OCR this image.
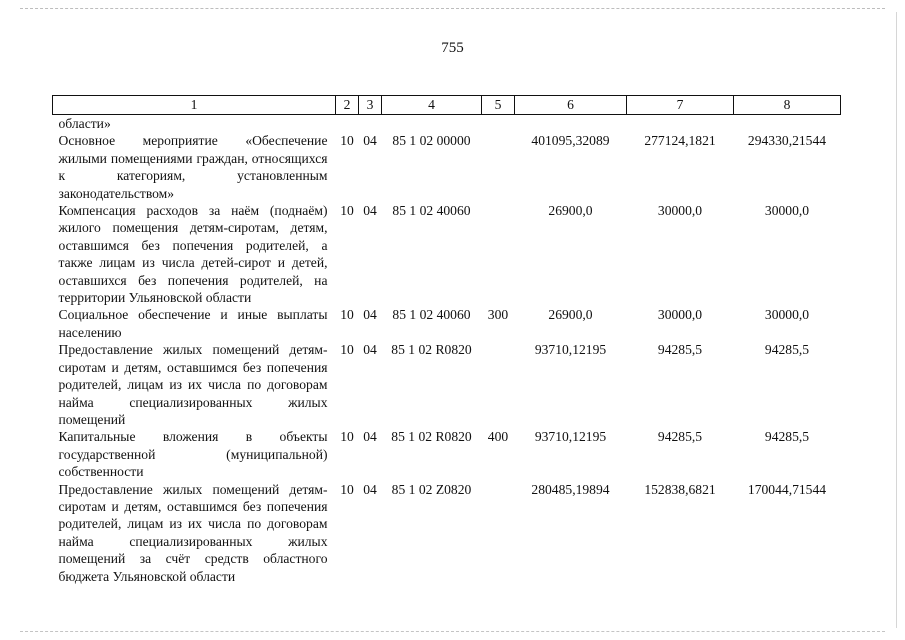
755
1	2	3	4	5	6	7	8
области»							
Основное мероприятие «Обеспечение жилыми помещениями граждан, относящихся к категориям, установленным законодательством»	10	04	85 1 02 00000		401095,32089	277124,1821	294330,21544
Компенсация расходов за наём (поднаём) жилого помещения детям-сиротам, детям, оставшимся без попечения родителей, а также лицам из числа детей-сирот и детей, оставшихся без попечения родителей, на территории Ульяновской области	10	04	85 1 02 40060		26900,0	30000,0	30000,0
Социальное обеспечение и иные выплаты населению	10	04	85 1 02 40060	300	26900,0	30000,0	30000,0
Предоставление жилых помещений детям-сиротам и детям, оставшимся без попечения родителей, лицам из их числа по договорам найма специализированных жилых помещений	10	04	85 1 02 R0820		93710,12195	94285,5	94285,5
Капитальные вложения в объекты государственной (муниципальной) собственности	10	04	85 1 02 R0820	400	93710,12195	94285,5	94285,5
Предоставление жилых помещений детям-сиротам и детям, оставшимся без попечения родителей, лицам из их числа по договорам найма специализированных жилых помещений за счёт средств областного бюджета Ульяновской области	10	04	85 1 02 Z0820		280485,19894	152838,6821	170044,71544
